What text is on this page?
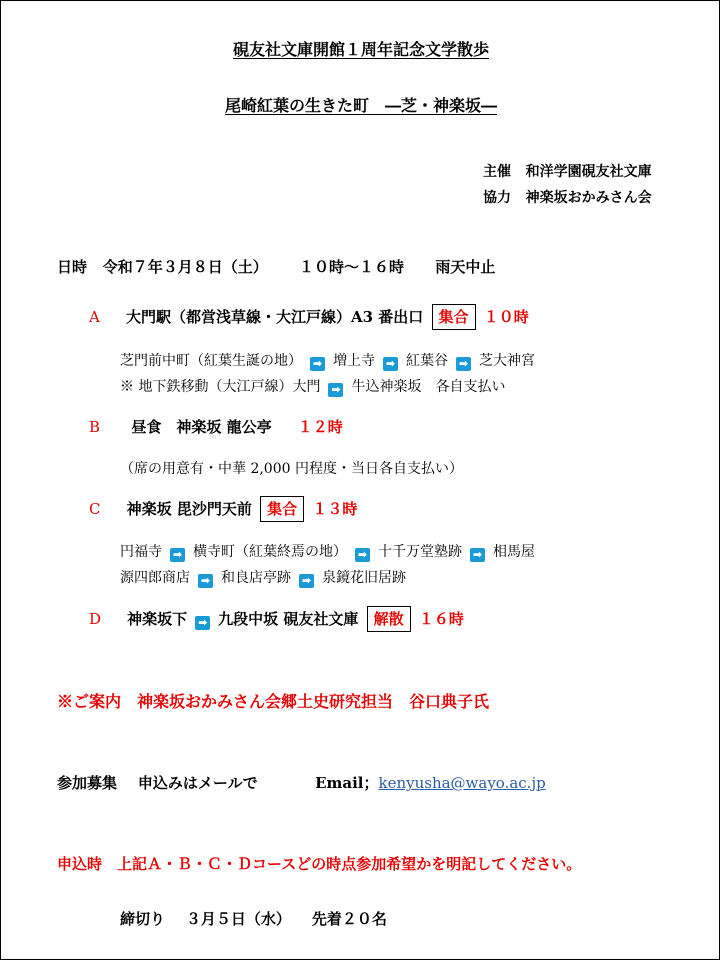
硯友社文庫開館１周年記念文学散歩
尾崎紅葉の生きた町　―芝・神楽坂―
主催 和洋学園硯友社文庫
協力 神楽坂おかみさん会
日時 令和７年３月８日（土） １０時～１６時 雨天中止
A 大門駅（都営浅草線・大江戸線）A3 番出口 集合 １０時
芝門前中町（紅葉生誕の地） ➡ 増上寺 ➡ 紅葉谷 ➡ 芝大神宮
※ 地下鉄移動（大江戸線）大門 ➡ 牛込神楽坂　各自支払い
B 昼食　神楽坂 龍公亭 １２時
（席の用意有・中華 2,000 円程度・当日各自支払い）
C 神楽坂 毘沙門天前 集合 １３時
円福寺 ➡ 横寺町（紅葉終焉の地） ➡ 十千万堂塾跡 ➡ 相馬屋
源四郎商店 ➡ 和良店亭跡 ➡ 泉鏡花旧居跡
D 神楽坂下 ➡ 九段中坂 硯友社文庫 解散 １６時
※ご案内　神楽坂おかみさん会郷土史研究担当　谷口典子氏
参加募集 申込みはメールで	Email；kenyusha@wayo.ac.jp
申込時　上記Ａ・Ｂ・Ｃ・Ｄコースどの時点参加希望かを明記してください。
締切り ３月５日（水） 先着２０名
